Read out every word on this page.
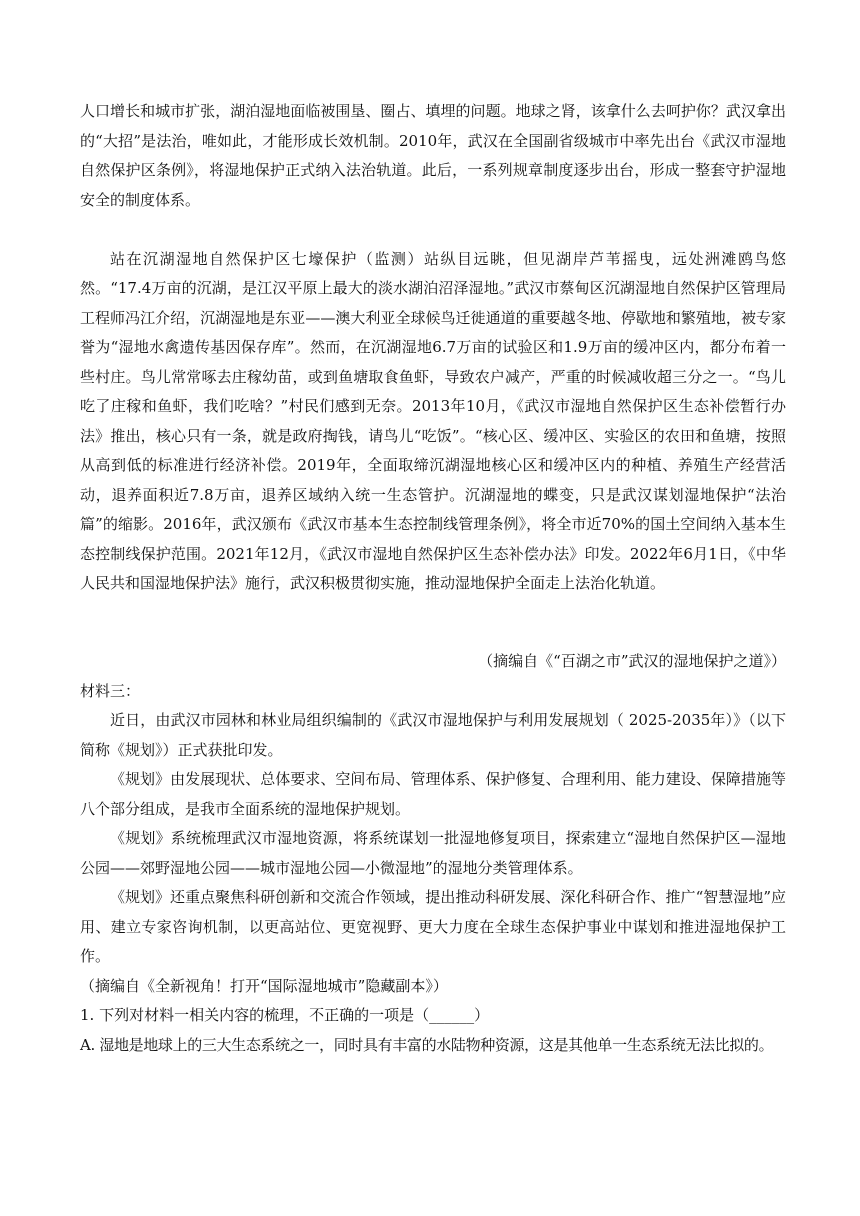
人口增长和城市扩张，湖泊湿地面临被围垦、圈占、填埋的问题。地球之肾，该拿什么去呵护你？武汉拿出的“大招”是法治，唯如此，才能形成长效机制。2010年，武汉在全国副省级城市中率先出台《武汉市湿地自然保护区条例》，将湿地保护正式纳入法治轨道。此后，一系列规章制度逐步出台，形成一整套守护湿地安全的制度体系。

站在沉湖湿地自然保护区七壕保护（监测）站纵目远眺，但见湖岸芦苇摇曳，远处洲滩鸥鸟悠然。“17.4万亩的沉湖，是江汉平原上最大的淡水湖泊沼泽湿地。”武汉市蔡甸区沉湖湿地自然保护区管理局工程师冯江介绍，沉湖湿地是东亚——澳大利亚全球候鸟迁徙通道的重要越冬地、停歇地和繁殖地，被专家誉为“湿地水禽遗传基因保存库”。然而，在沉湖湿地6.7万亩的试验区和1.9万亩的缓冲区内，都分布着一些村庄。鸟儿常常啄去庄稼幼苗，或到鱼塘取食鱼虾，导致农户减产，严重的时候减收超三分之一。“鸟儿吃了庄稼和鱼虾，我们吃啥？”村民们感到无奈。2013年10月，《武汉市湿地自然保护区生态补偿暂行办法》推出，核心只有一条，就是政府掏钱，请鸟儿“吃饭”。“核心区、缓冲区、实验区的农田和鱼塘，按照从高到低的标准进行经济补偿。2019年，全面取缔沉湖湿地核心区和缓冲区内的种植、养殖生产经营活动，退养面积近7.8万亩，退养区域纳入统一生态管护。沉湖湿地的蝶变，只是武汉谋划湿地保护“法治篇”的缩影。2016年，武汉颁布《武汉市基本生态控制线管理条例》，将全市近70%的国土空间纳入基本生态控制线保护范围。2021年12月，《武汉市湿地自然保护区生态补偿办法》印发。2022年6月1日，《中华人民共和国湿地保护法》施行，武汉积极贯彻实施，推动湿地保护全面走上法治化轨道。

（摘编自《“百湖之市”武汉的湿地保护之道》）

材料三：

近日，由武汉市园林和林业局组织编制的《武汉市湿地保护与利用发展规划（ 2025-2035年）》（以下简称《规划》）正式获批印发。

《规划》由发展现状、总体要求、空间布局、管理体系、保护修复、合理利用、能力建设、保障措施等八个部分组成，是我市全面系统的湿地保护规划。

《规划》系统梳理武汉市湿地资源，将系统谋划一批湿地修复项目，探索建立“湿地自然保护区—湿地公园——郊野湿地公园——城市湿地公园—小微湿地”的湿地分类管理体系。

《规划》还重点聚焦科研创新和交流合作领域，提出推动科研发展、深化科研合作、推广“智慧湿地”应用、建立专家咨询机制，以更高站位、更宽视野、更大力度在全球生态保护事业中谋划和推进湿地保护工作。

（摘编自《全新视角！打开“国际湿地城市”隐藏副本》）

1. 下列对材料一相关内容的梳理，不正确的一项是（______）

A. 湿地是地球上的三大生态系统之一，同时具有丰富的水陆物种资源，这是其他单一生态系统无法比拟的。
